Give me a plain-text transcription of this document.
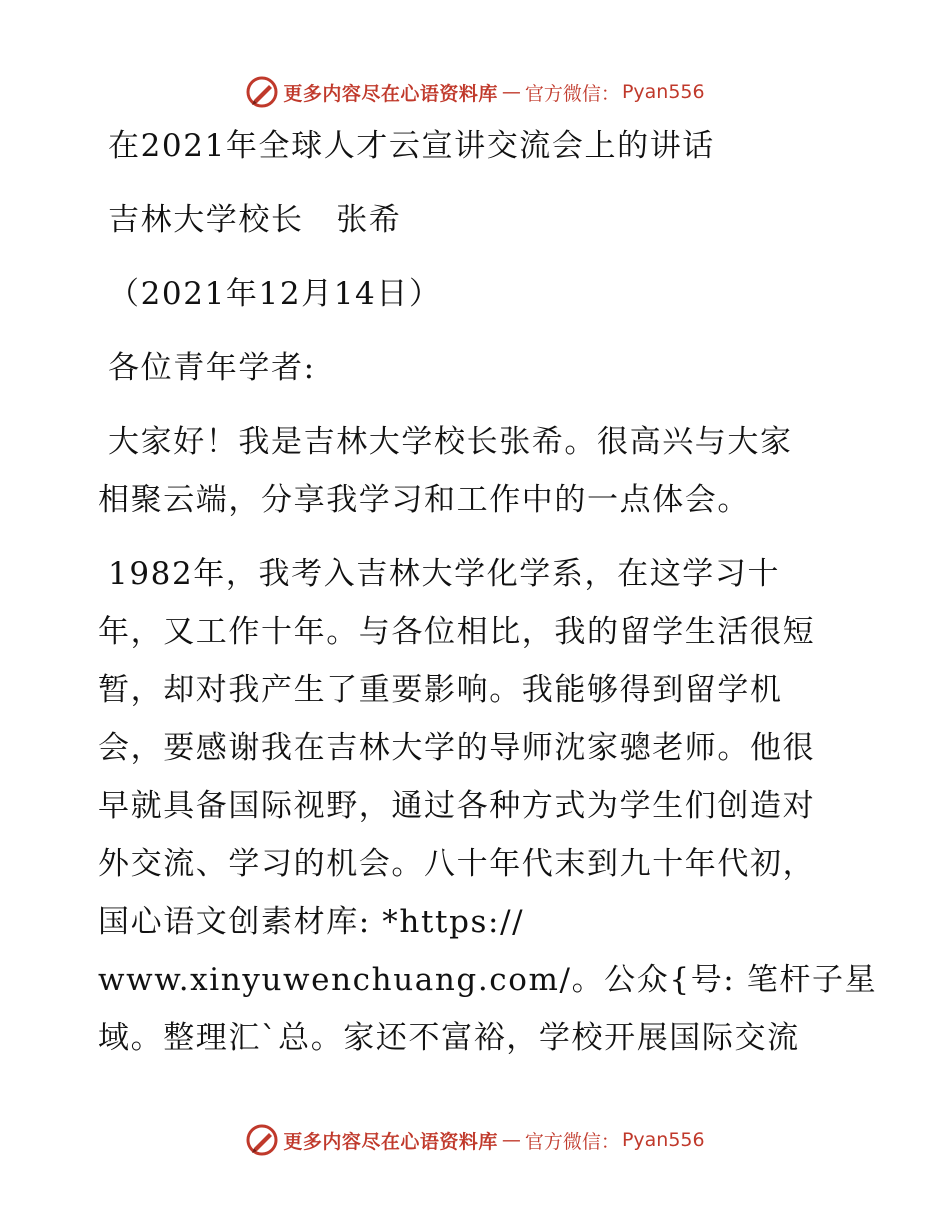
更多内容尽在心语资料库 — 官方微信： Pyan556
在2021年全球人才云宣讲交流会上的讲话
吉林大学校长　张希
（2021年12月14日）
各位青年学者:
大家好！我是吉林大学校长张希。很高兴与大家
相聚云端，分享我学习和工作中的一点体会。
1982年，我考入吉林大学化学系，在这学习十
年，又工作十年。与各位相比，我的留学生活很短
暂，却对我产生了重要影响。我能够得到留学机
会，要感谢我在吉林大学的导师沈家骢老师。他很
早就具备国际视野，通过各种方式为学生们创造对
外交流、学习的机会。八十年代末到九十年代初，
国心语文创素材库: *https://
www.xinyuwenchuang.com/。公众{号: 笔杆子星
域。整理汇`总。家还不富裕，学校开展国际交流
更多内容尽在心语资料库 — 官方微信： Pyan556
